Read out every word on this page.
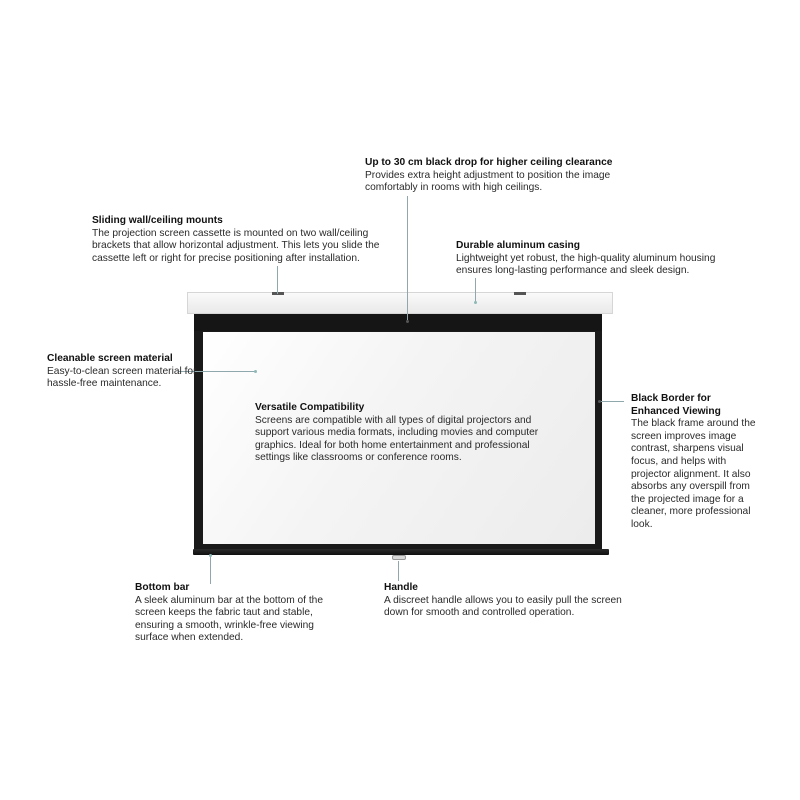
Up to 30 cm black drop for higher ceiling clearance
Provides extra height adjustment to position the image comfortably in rooms with high ceilings.
Sliding wall/ceiling mounts
The projection screen cassette is mounted on two wall/ceiling brackets that allow horizontal adjustment. This lets you slide the cassette left or right for precise positioning after installation.
Durable aluminum casing
Lightweight yet robust, the high-quality aluminum housing ensures long-lasting performance and sleek design.
Cleanable screen material
Easy-to-clean screen material for hassle-free maintenance.
Versatile Compatibility
Screens are compatible with all types of digital projectors and support various media formats, including movies and computer graphics. Ideal for both home entertainment and professional settings like classrooms or conference rooms.
Black Border for Enhanced Viewing
The black frame around the screen improves image contrast, sharpens visual focus, and helps with projector alignment. It also absorbs any overspill from the projected image for a cleaner, more professional look.
Bottom bar
A sleek aluminum bar at the bottom of the screen keeps the fabric taut and stable, ensuring a smooth, wrinkle-free viewing surface when extended.
Handle
A discreet handle allows you to easily pull the screen down for smooth and controlled operation.
